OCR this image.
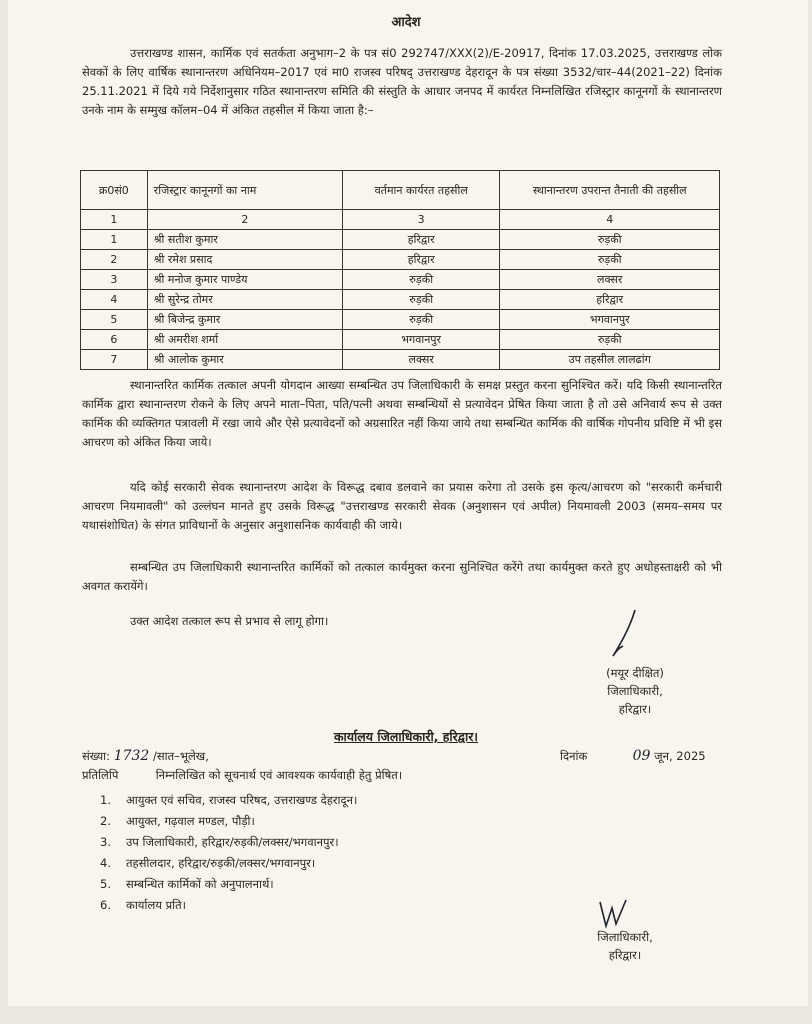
आदेश
उत्तराखण्ड शासन, कार्मिक एवं सतर्कता अनुभाग–2 के पत्र सं0 292747/XXX(2)/E-20917, दिनांक 17.03.2025, उत्तराखण्ड लोक सेवकों के लिए वार्षिक स्थानान्तरण अधिनियम–2017 एवं मा0 राजस्व परिषद् उत्तराखण्ड देहरादून के पत्र संख्या 3532/चार–44(2021–22) दिनांक 25.11.2021 में दिये गये निर्देशानुसार गठित स्थानान्तरण समिति की संस्तुति के आधार जनपद में कार्यरत निम्नलिखित रजिस्ट्रार कानूनगों के स्थानान्तरण उनके नाम के सम्मुख कॉलम–04 में अंकित तहसील में किया जाता है:–
क्र0सं0	रजिस्ट्रार कानूनगों का नाम	वर्तमान कार्यरत तहसील	स्थानान्तरण उपरान्त तैनाती की तहसील
1	2	3	4
1	श्री सतीश कुमार	हरिद्वार	रुड़की
2	श्री रमेश प्रसाद	हरिद्वार	रुड़की
3	श्री मनोज कुमार पाण्डेय	रुड़की	लक्सर
4	श्री सुरेन्द्र तोमर	रुड़की	हरिद्वार
5	श्री बिजेन्द्र कुमार	रुड़की	भगवानपुर
6	श्री अमरीश शर्मा	भगवानपुर	रुड़की
7	श्री आलोक कुमार	लक्सर	उप तहसील लालढांग
स्थानान्तरित कार्मिक तत्काल अपनी योगदान आख्या सम्बन्धित उप जिलाधिकारी के समक्ष प्रस्तुत करना सुनिश्चित करें। यदि किसी स्थानान्तरित कार्मिक द्वारा स्थानान्तरण रोकने के लिए अपने माता–पिता, पति/पत्नी अथवा सम्बन्धियों से प्रत्यावेदन प्रेषित किया जाता है तो उसे अनिवार्य रूप से उक्त कार्मिक की व्यक्तिगत पत्रावली में रखा जाये और ऐसे प्रत्यावेदनों को अग्रसारित नहीं किया जाये तथा सम्बन्धित कार्मिक की वार्षिक गोपनीय प्रविष्टि में भी इस आचरण को अंकित किया जाये।
यदि कोई सरकारी सेवक स्थानान्तरण आदेश के विरूद्ध दबाव डलवाने का प्रयास करेगा तो उसके इस कृत्य/आचरण को "सरकारी कर्मचारी आचरण नियमावली" को उल्लंघन मानते हुए उसके विरूद्ध "उत्तराखण्ड सरकारी सेवक (अनुशासन एवं अपील) नियमावली 2003 (समय–समय पर यथासंशोधित) के संगत प्राविधानों के अनुसार अनुशासनिक कार्यवाही की जाये।
सम्बन्धित उप जिलाधिकारी स्थानान्तरित कार्मिकों को तत्काल कार्यमुक्त करना सुनिश्चित करेंगे तथा कार्यमुक्त करते हुए अधोहस्ताक्षरी को भी अवगत करायेंगे।
उक्त आदेश तत्काल रूप से प्रभाव से लागू होगा।
(मयूर दीक्षित)
जिलाधिकारी,
हरिद्वार।
कार्यालय जिलाधिकारी, हरिद्वार।
संख्या: 1732 /सात–भूलेख,	दिनांक	09 जून, 2025
प्रतिलिपि	निम्नलिखित को सूचनार्थ एवं आवश्यक कार्यवाही हेतु प्रेषित।
1.	आयुक्त एवं सचिव, राजस्व परिषद, उत्तराखण्ड देहरादून।
2.	आयुक्त, गढ़वाल मण्डल, पौड़ी।
3.	उप जिलाधिकारी, हरिद्वार/रुड़की/लक्सर/भगवानपुर।
4.	तहसीलदार, हरिद्वार/रुड़की/लक्सर/भगवानपुर।
5.	सम्बन्धित कार्मिकों को अनुपालनार्थ।
6.	कार्यालय प्रति।
जिलाधिकारी,
हरिद्वार।
